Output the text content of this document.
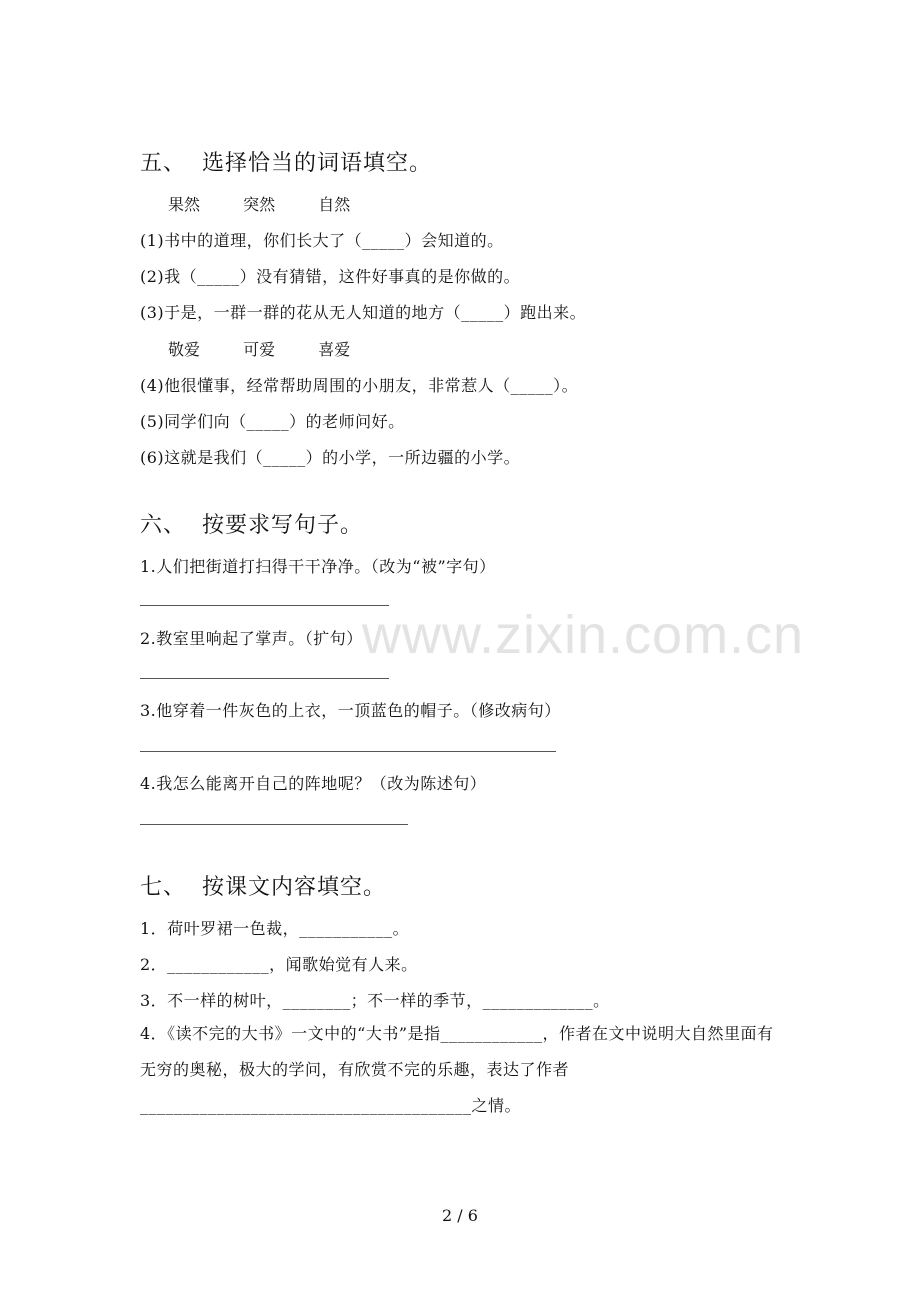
www.zixin.com.cn
五、 选择恰当的词语填空。
果然	突然	自然
(1)书中的道理，你们长大了（_____）会知道的。
(2)我（_____）没有猜错，这件好事真的是你做的。
(3)于是，一群一群的花从无人知道的地方（_____）跑出来。
敬爱	可爱	喜爱
(4)他很懂事，经常帮助周围的小朋友，非常惹人（_____）。
(5)同学们向（_____）的老师问好。
(6)这就是我们（_____）的小学，一所边疆的小学。
六、 按要求写句子。
1.人们把街道打扫得干干净净。（改为“被”字句）
2.教室里响起了掌声。（扩句）
3.他穿着一件灰色的上衣，一顶蓝色的帽子。（修改病句）
4.我怎么能离开自己的阵地呢？（改为陈述句）
七、 按课文内容填空。
1．荷叶罗裙一色裁，___________。
2．____________，闻歌始觉有人来。
3．不一样的树叶，________；不一样的季节，_____________。
4．《读不完的大书》一文中的“大书”是指____________，作者在文中说明大自然里面有无穷的奥秘，极大的学问，有欣赏不完的乐趣，表达了作者_______________________________________之情。
2 / 6
